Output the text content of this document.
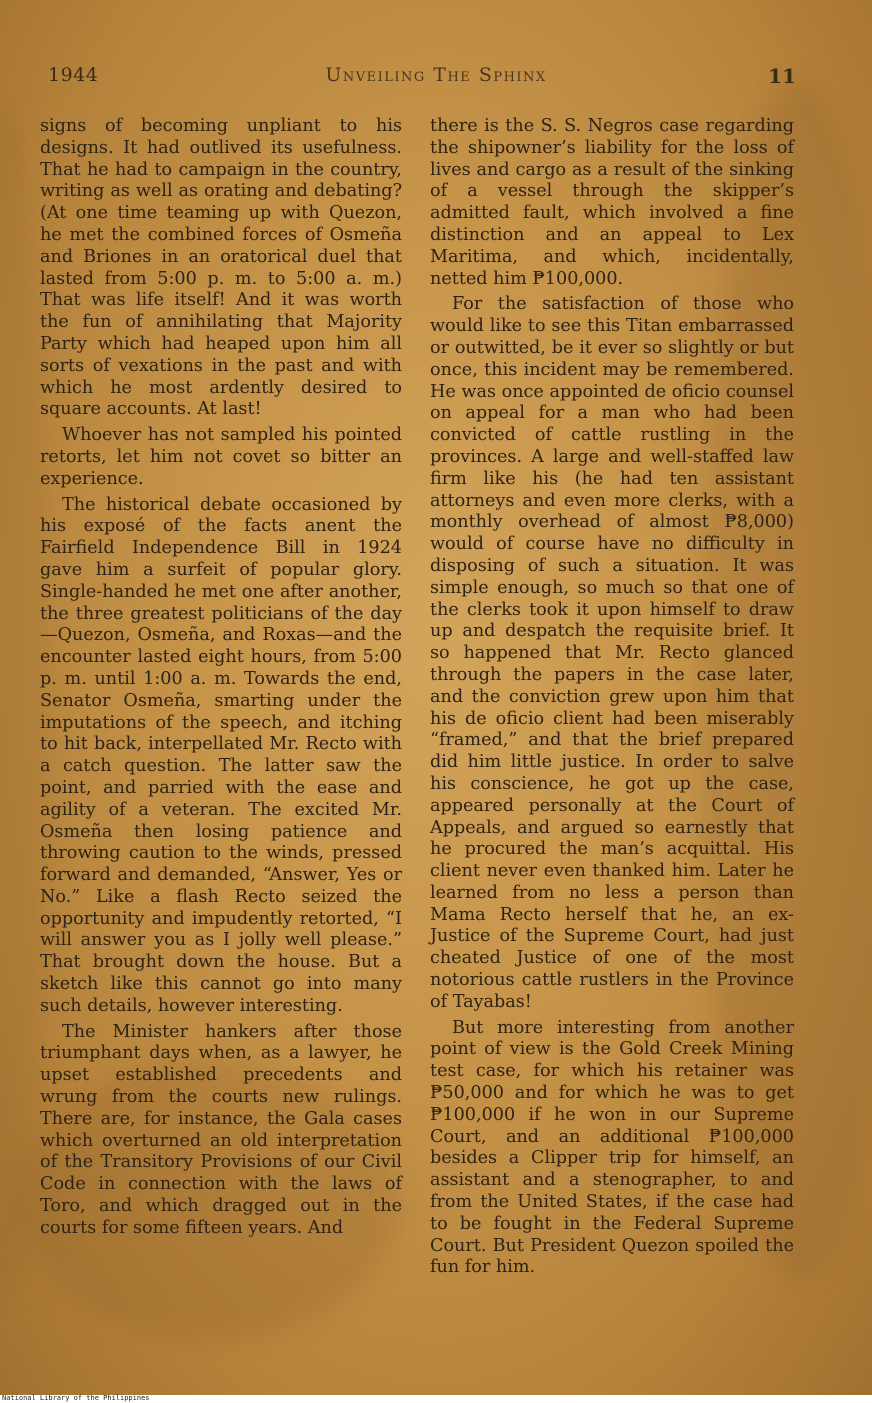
1944	Unveiling The Sphinx	11

signs of becoming unpliant to his designs. It had outlived its usefulness. That he had to campaign in the country, writing as well as orating and debating? (At one time teaming up with Quezon, he met the combined forces of Osmeña and Briones in an oratorical duel that lasted from 5:00 p. m. to 5:00 a. m.) That was life itself! And it was worth the fun of annihilating that Majority Party which had heaped upon him all sorts of vexations in the past and with which he most ardently desired to square accounts. At last!

Whoever has not sampled his pointed retorts, let him not covet so bitter an experience.

The historical debate occasioned by his exposé of the facts anent the Fairfield Independence Bill in 1924 gave him a surfeit of popular glory. Single-handed he met one after another, the three greatest politicians of the day—Quezon, Osmeña, and Roxas—and the encounter lasted eight hours, from 5:00 p. m. until 1:00 a. m. Towards the end, Senator Osmeña, smarting under the imputations of the speech, and itching to hit back, interpellated Mr. Recto with a catch question. The latter saw the point, and parried with the ease and agility of a veteran. The excited Mr. Osmeña then losing patience and throwing caution to the winds, pressed forward and demanded, “Answer, Yes or No.” Like a flash Recto seized the opportunity and impudently retorted, “I will answer you as I jolly well please.” That brought down the house. But a sketch like this cannot go into many such details, however interesting.

The Minister hankers after those triumphant days when, as a lawyer, he upset established precedents and wrung from the courts new rulings. There are, for instance, the Gala cases which overturned an old interpretation of the Transitory Provisions of our Civil Code in connection with the laws of Toro, and which dragged out in the courts for some fifteen years. And

there is the S. S. Negros case regarding the shipowner’s liability for the loss of lives and cargo as a result of the sinking of a vessel through the skipper’s admitted fault, which involved a fine distinction and an appeal to Lex Maritima, and which, incidentally, netted him ₱100,000.

For the satisfaction of those who would like to see this Titan embarrassed or outwitted, be it ever so slightly or but once, this incident may be remembered. He was once appointed de oficio counsel on appeal for a man who had been convicted of cattle rustling in the provinces. A large and well-staffed law firm like his (he had ten assistant attorneys and even more clerks, with a monthly overhead of almost ₱8,000) would of course have no difficulty in disposing of such a situation. It was simple enough, so much so that one of the clerks took it upon himself to draw up and despatch the requisite brief. It so happened that Mr. Recto glanced through the papers in the case later, and the conviction grew upon him that his de oficio client had been miserably “framed,” and that the brief prepared did him little justice. In order to salve his conscience, he got up the case, appeared personally at the Court of Appeals, and argued so earnestly that he procured the man’s acquittal. His client never even thanked him. Later he learned from no less a person than Mama Recto herself that he, an ex-Justice of the Supreme Court, had just cheated Justice of one of the most notorious cattle rustlers in the Province of Tayabas!

But more interesting from another point of view is the Gold Creek Mining test case, for which his retainer was ₱50,000 and for which he was to get ₱100,000 if he won in our Supreme Court, and an additional ₱100,000 besides a Clipper trip for himself, an assistant and a stenographer, to and from the United States, if the case had to be fought in the Federal Supreme Court. But President Quezon spoiled the fun for him.

National Library of the Philippines
